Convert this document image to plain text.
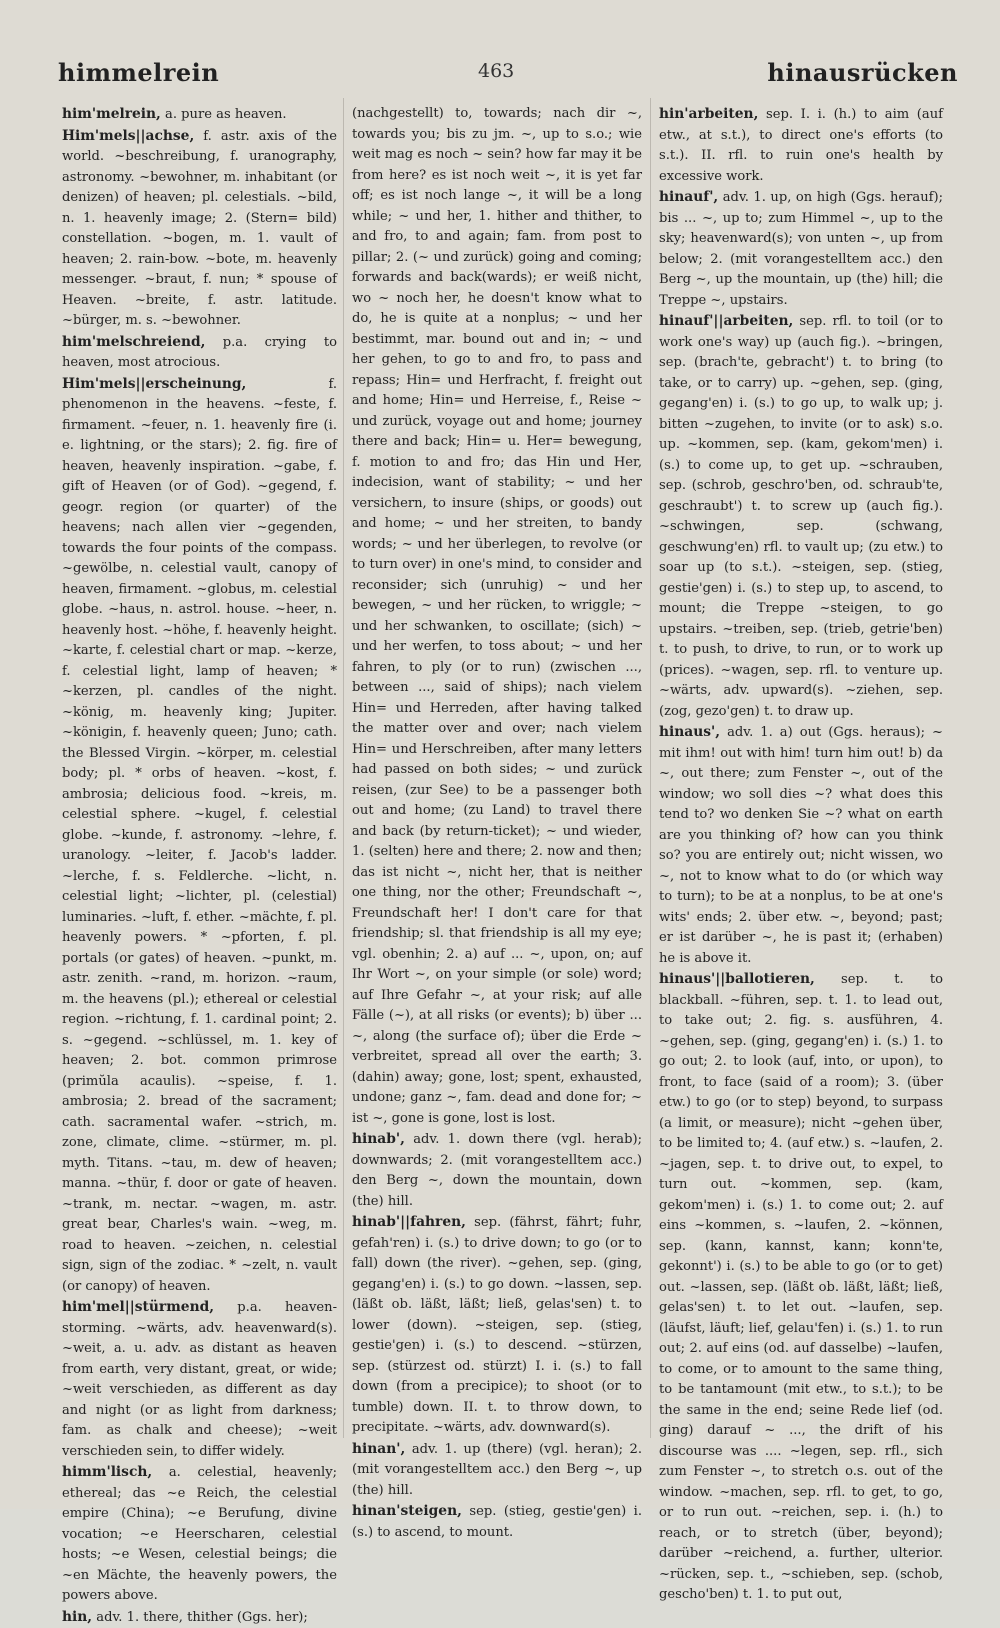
himmelrein	463	hinausrücken

him'melrein, a. pure as heaven.

Him'mels||achse, f. astr. axis of the world. ~beschreibung, f. uranography, astronomy. ~bewohner, m. inhabitant (or denizen) of heaven; pl. celestials. ~bild, n. 1. heavenly image; 2. (Stern= bild) constellation. ~bogen, m. 1. vault of heaven; 2. rain-bow. ~bote, m. heavenly messenger. ~braut, f. nun; * spouse of Heaven. ~breite, f. astr. latitude. ~bürger, m. s. ~bewohner.

him'melschreiend, p.a. crying to heaven, most atrocious.

Him'mels||erscheinung,	f. phenomenon in the heavens. ~feste, f. firmament. ~feuer, n. 1. heavenly fire (i. e. lightning, or the stars); 2. fig. fire of heaven, heavenly inspiration. ~gabe, f. gift of Heaven (or of God). ~gegend, f. geogr. region (or quarter) of the heavens; nach allen vier ~gegenden, towards the four points of the compass. ~gewölbe, n. celestial vault, canopy of heaven, firmament. ~globus, m. celestial globe. ~haus, n. astrol. house. ~heer, n. heavenly host. ~höhe, f. heavenly height. ~karte, f. celestial chart or map. ~kerze, f. celestial light, lamp of heaven; * ~kerzen, pl. candles of the night. ~könig, m. heavenly king; Jupiter. ~königin, f. heavenly queen; Juno; cath. the Blessed Virgin. ~körper, m. celestial body; pl. * orbs of heaven. ~kost, f. ambrosia; delicious food. ~kreis, m. celestial sphere. ~kugel, f. celestial globe. ~kunde, f. astronomy. ~lehre, f. uranology. ~leiter, f. Jacob's ladder. ~lerche, f. s. Feldlerche. ~licht, n. celestial light; ~lichter, pl. (celestial) luminaries. ~luft, f. ether. ~mächte, f. pl. heavenly powers. * ~pforten, f. pl. portals (or gates) of heaven. ~punkt, m. astr. zenith. ~rand, m. horizon. ~raum, m. the heavens (pl.); ethereal or celestial region. ~richtung, f. 1. cardinal point; 2. s. ~gegend. ~schlüssel, m. 1. key of heaven; 2. bot. common primrose (primŭla acaulis). ~speise, f. 1. ambrosia; 2. bread of the sacrament; cath. sacramental wafer. ~strich, m. zone, climate, clime. ~stürmer, m. pl. myth. Titans. ~tau, m. dew of heaven; manna. ~thür, f. door or gate of heaven. ~trank, m. nectar. ~wagen, m. astr. great bear, Charles's wain. ~weg, m. road to heaven. ~zeichen, n. celestial sign, sign of the zodiac. * ~zelt, n. vault (or canopy) of heaven.

him'mel||stürmend, p.a. heaven-storming. ~wärts, adv. heavenward(s). ~weit, a. u. adv. as distant as heaven from earth, very distant, great, or wide; ~weit verschieden, as different as day and night (or as light from darkness; fam. as chalk and cheese); ~weit verschieden sein, to differ widely.

himm'lisch, a. celestial, heavenly; ethereal; das ~e Reich, the celestial empire (China); ~e Berufung, divine vocation; ~e Heerscharen, celestial hosts; ~e Wesen, celestial beings; die ~en Mächte, the heavenly powers, the powers above.

hin, adv. 1. there, thither (Ggs. her);

(nachgestellt) to, towards; nach dir ~, towards you; bis zu jm. ~, up to s.o.; wie weit mag es noch ~ sein? how far may it be from here? es ist noch weit ~, it is yet far off; es ist noch lange ~, it will be a long while; ~ und her, 1. hither and thither, to and fro, to and again; fam. from post to pillar; 2. (~ und zurück) going and coming; forwards and back(wards); er weiß nicht, wo ~ noch her, he doesn't know what to do, he is quite at a nonplus; ~ und her bestimmt, mar. bound out and in; ~ und her gehen, to go to and fro, to pass and repass; Hin= und Herfracht, f. freight out and home; Hin= und Herreise, f., Reise ~ und zurück, voyage out and home; journey there and back; Hin= u. Her= bewegung, f. motion to and fro; das Hin und Her, indecision, want of stability; ~ und her versichern, to insure (ships, or goods) out and home; ~ und her streiten, to bandy words; ~ und her überlegen, to revolve (or to turn over) in one's mind, to consider and reconsider; sich (unruhig) ~ und her bewegen, ~ und her rücken, to wriggle; ~ und her schwanken, to oscillate; (sich) ~ und her werfen, to toss about; ~ und her fahren, to ply (or to run) (zwischen ..., between ..., said of ships); nach vielem Hin= und Herreden, after having talked the matter over and over; nach vielem Hin= und Herschreiben, after many letters had passed on both sides; ~ und zurück reisen, (zur See) to be a passenger both out and home; (zu Land) to travel there and back (by return-ticket); ~ und wieder, 1. (selten) here and there; 2. now and then; das ist nicht ~, nicht her, that is neither one thing, nor the other; Freundschaft ~, Freundschaft her! I don't care for that friendship; sl. that friendship is all my eye; vgl. obenhin; 2. a) auf ... ~, upon, on; auf Ihr Wort ~, on your simple (or sole) word; auf Ihre Gefahr ~, at your risk; auf alle Fälle (~), at all risks (or events); b) über ... ~, along (the surface of); über die Erde ~ verbreitet, spread all over the earth; 3. (dahin) away; gone, lost; spent, exhausted, undone; ganz ~, fam. dead and done for; ~ ist ~, gone is gone, lost is lost.

hinab', adv. 1. down there (vgl. herab); downwards; 2. (mit vorangestelltem acc.) den Berg ~, down the mountain, down (the) hill.

hinab'||fahren, sep. (fährst, fährt; fuhr, gefah'ren) i. (s.) to drive down; to go (or to fall) down (the river). ~gehen, sep. (ging, gegang'en) i. (s.) to go down. ~lassen, sep. (läßt ob. läßt, läßt; ließ, gelas'sen) t. to lower (down). ~steigen, sep. (stieg, gestie'gen) i. (s.) to descend. ~stürzen, sep. (stürzest od. stürzt) I. i. (s.) to fall down (from a precipice); to shoot (or to tumble) down. II. t. to throw down, to precipitate. ~wärts, adv. downward(s).

hinan', adv. 1. up (there) (vgl. heran); 2. (mit vorangestelltem acc.) den Berg ~, up (the) hill.

hinan'steigen, sep. (stieg, gestie'gen) i. (s.) to ascend, to mount.

hin'arbeiten, sep. I. i. (h.) to aim (auf etw., at s.t.), to direct one's efforts (to s.t.). II. rfl. to ruin one's health by excessive work.

hinauf', adv. 1. up, on high (Ggs. herauf); bis ... ~, up to; zum Himmel ~, up to the sky; heavenward(s); von unten ~, up from below; 2. (mit vorangestelltem acc.) den Berg ~, up the mountain, up (the) hill; die Treppe ~, upstairs.

hinauf'||arbeiten, sep. rfl. to toil (or to work one's way) up (auch fig.). ~bringen, sep. (brach'te, gebracht') t. to bring (to take, or to carry) up. ~gehen, sep. (ging, gegang'en) i. (s.) to go up, to walk up; j. bitten ~zugehen, to invite (or to ask) s.o. up. ~kommen, sep. (kam, gekom'men) i. (s.) to come up, to get up. ~schrauben, sep. (schrob, geschro'ben, od. schraub'te, geschraubt') t. to screw up (auch fig.). ~schwingen, sep. (schwang, geschwung'en) rfl. to vault up; (zu etw.) to soar up (to s.t.). ~steigen, sep. (stieg, gestie'gen) i. (s.) to step up, to ascend, to mount; die Treppe ~steigen, to go upstairs. ~treiben, sep. (trieb, getrie'ben) t. to push, to drive, to run, or to work up (prices). ~wagen, sep. rfl. to venture up. ~wärts, adv. upward(s). ~ziehen, sep. (zog, gezo'gen) t. to draw up.

hinaus', adv. 1. a) out (Ggs. heraus); ~ mit ihm! out with him! turn him out! b) da ~, out there; zum Fenster ~, out of the window; wo soll dies ~? what does this tend to? wo denken Sie ~? what on earth are you thinking of? how can you think so? you are entirely out; nicht wissen, wo ~, not to know what to do (or which way to turn); to be at a nonplus, to be at one's wits' ends; 2. über etw. ~, beyond; past; er ist darüber ~, he is past it; (erhaben) he is above it.

hinaus'||ballotieren, sep. t. to blackball. ~führen, sep. t. 1. to lead out, to take out; 2. fig. s. ausführen, 4. ~gehen, sep. (ging, gegang'en) i. (s.) 1. to go out; 2. to look (auf, into, or upon), to front, to face (said of a room); 3. (über etw.) to go (or to step) beyond, to surpass (a limit, or measure); nicht ~gehen über, to be limited to; 4. (auf etw.) s. ~laufen, 2. ~jagen, sep. t. to drive out, to expel, to turn out. ~kommen, sep. (kam, gekom'men) i. (s.) 1. to come out; 2. auf eins ~kommen, s. ~laufen, 2. ~können, sep. (kann, kannst, kann; konn'te, gekonnt') i. (s.) to be able to go (or to get) out. ~lassen, sep. (läßt ob. läßt, läßt; ließ, gelas'sen) t. to let out. ~laufen, sep. (läufst, läuft; lief, gelau'fen) i. (s.) 1. to run out; 2. auf eins (od. auf dasselbe) ~laufen, to come, or to amount to the same thing, to be tantamount (mit etw., to s.t.); to be the same in the end; seine Rede lief (od. ging) darauf ~ ..., the drift of his discourse was .... ~legen, sep. rfl., sich zum Fenster ~, to stretch o.s. out of the window. ~machen, sep. rfl. to get, to go, or to run out. ~reichen, sep. i. (h.) to reach, or to stretch (über, beyond); darüber ~reichend, a. further, ulterior. ~rücken, sep. t., ~schieben, sep. (schob, gescho'ben) t. 1. to put out,
